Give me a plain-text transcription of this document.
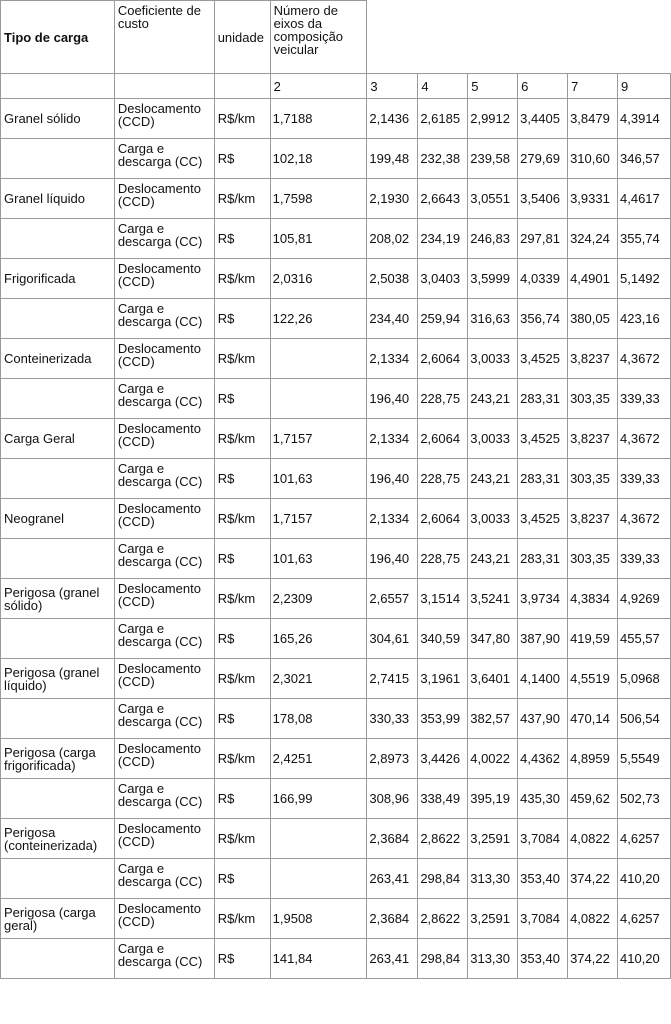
Tipo de carga	Coeficiente de custo	unidade	Número de eixos da composição veicular						
			2	3	4	5	6	7	9
Granel sólido	Deslocamento (CCD)	R$/km	1,7188	2,1436	2,6185	2,9912	3,4405	3,8479	4,3914
	Carga e descarga (CC)	R$	102,18	199,48	232,38	239,58	279,69	310,60	346,57
Granel líquido	Deslocamento (CCD)	R$/km	1,7598	2,1930	2,6643	3,0551	3,5406	3,9331	4,4617
	Carga e descarga (CC)	R$	105,81	208,02	234,19	246,83	297,81	324,24	355,74
Frigorificada	Deslocamento (CCD)	R$/km	2,0316	2,5038	3,0403	3,5999	4,0339	4,4901	5,1492
	Carga e descarga (CC)	R$	122,26	234,40	259,94	316,63	356,74	380,05	423,16
Conteinerizada	Deslocamento (CCD)	R$/km		2,1334	2,6064	3,0033	3,4525	3,8237	4,3672
	Carga e descarga (CC)	R$		196,40	228,75	243,21	283,31	303,35	339,33
Carga Geral	Deslocamento (CCD)	R$/km	1,7157	2,1334	2,6064	3,0033	3,4525	3,8237	4,3672
	Carga e descarga (CC)	R$	101,63	196,40	228,75	243,21	283,31	303,35	339,33
Neogranel	Deslocamento (CCD)	R$/km	1,7157	2,1334	2,6064	3,0033	3,4525	3,8237	4,3672
	Carga e descarga (CC)	R$	101,63	196,40	228,75	243,21	283,31	303,35	339,33
Perigosa (granel sólido)	Deslocamento (CCD)	R$/km	2,2309	2,6557	3,1514	3,5241	3,9734	4,3834	4,9269
	Carga e descarga (CC)	R$	165,26	304,61	340,59	347,80	387,90	419,59	455,57
Perigosa (granel líquido)	Deslocamento (CCD)	R$/km	2,3021	2,7415	3,1961	3,6401	4,1400	4,5519	5,0968
	Carga e descarga (CC)	R$	178,08	330,33	353,99	382,57	437,90	470,14	506,54
Perigosa (carga frigorificada)	Deslocamento (CCD)	R$/km	2,4251	2,8973	3,4426	4,0022	4,4362	4,8959	5,5549
	Carga e descarga (CC)	R$	166,99	308,96	338,49	395,19	435,30	459,62	502,73
Perigosa (conteinerizada)	Deslocamento (CCD)	R$/km		2,3684	2,8622	3,2591	3,7084	4,0822	4,6257
	Carga e descarga (CC)	R$		263,41	298,84	313,30	353,40	374,22	410,20
Perigosa (carga geral)	Deslocamento (CCD)	R$/km	1,9508	2,3684	2,8622	3,2591	3,7084	4,0822	4,6257
	Carga e descarga (CC)	R$	141,84	263,41	298,84	313,30	353,40	374,22	410,20
